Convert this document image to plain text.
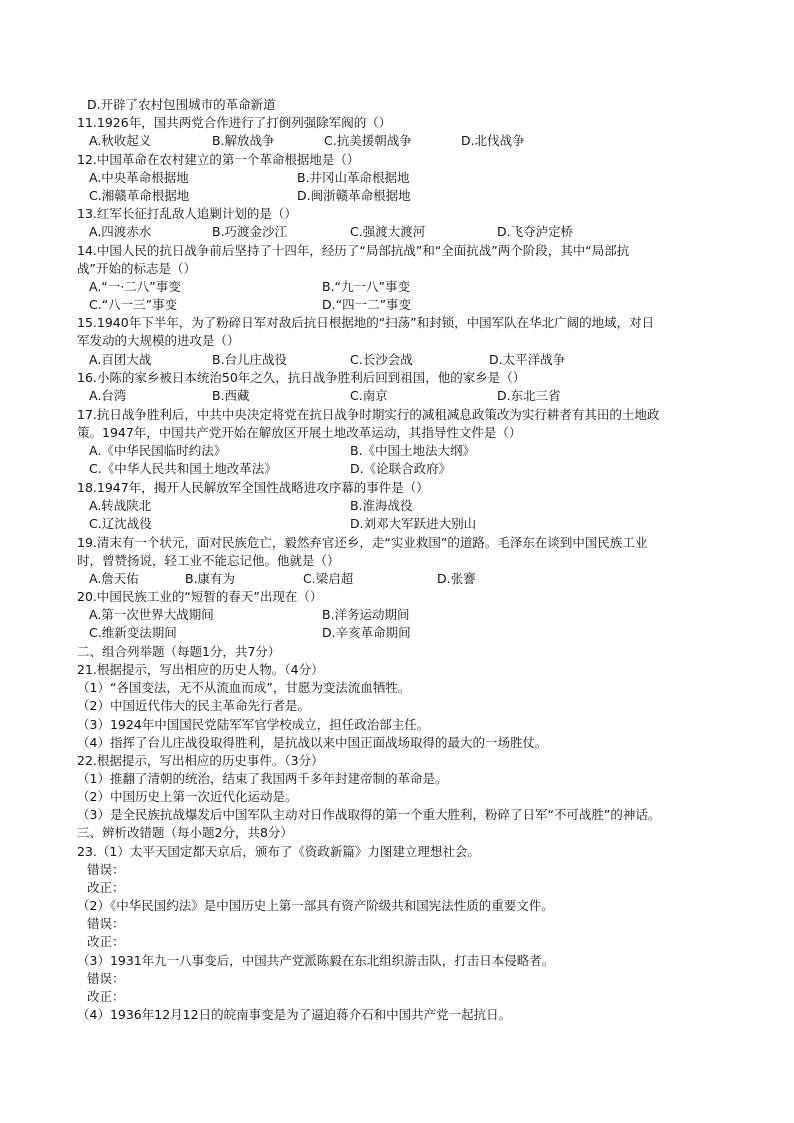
D.开辟了农村包围城市的革命新道
11.1926年，国共两党合作进行了打倒列强除军阀的（）
A.秋收起义	B.解放战争	C.抗美援朝战争	D.北伐战争
12.中国革命在农村建立的第一个革命根据地是（）
A.中央革命根据地	B.井冈山革命根据地
C.湘赣革命根据地	D.闽浙赣革命根据地
13.红军长征打乱敌人追剿计划的是（）
A.四渡赤水	B.巧渡金沙江	C.强渡大渡河	D.飞夺泸定桥
14.中国人民的抗日战争前后坚持了十四年，经历了“局部抗战”和“全面抗战”两个阶段，其中“局部抗
战”开始的标志是（）
A.“一·二八”事变	B.“九一八”事变
C.“八一三”事变	D.“四一二”事变
15.1940年下半年，为了粉碎日军对敌后抗日根据地的“扫荡”和封锁，中国军队在华北广阔的地域，对日
军发动的大规模的进攻是（）
A.百团大战	B.台儿庄战役	C.长沙会战	D.太平洋战争
16.小陈的家乡被日本统治50年之久，抗日战争胜利后回到祖国，他的家乡是（）
A.台湾	B.西藏	C.南京	D.东北三省
17.抗日战争胜利后，中共中央决定将党在抗日战争时期实行的减租减息政策改为实行耕者有其田的土地政
策。1947年，中国共产党开始在解放区开展土地改革运动，其指导性文件是（）
A.《中华民国临时约法》	B.《中国土地法大纲》
C.《中华人民共和国土地改革法》	D.《论联合政府》
18.1947年，揭开人民解放军全国性战略进攻序幕的事件是（）
A.转战陕北	B.淮海战役
C.辽沈战役	D.刘邓大军跃进大别山
19.清末有一个状元，面对民族危亡，毅然弃官还乡，走“实业救国”的道路。毛泽东在谈到中国民族工业
时，曾赞扬说，轻工业不能忘记他。他就是（）
A.詹天佑	B.康有为	C.梁启超	D.张謇
20.中国民族工业的“短暂的春天”出现在（）
A.第一次世界大战期间	B.洋务运动期间
C.维新变法期间	D.辛亥革命期间
二、组合列举题（每题1分，共7分）
21.根据提示，写出相应的历史人物。（4分）
（1）“各国变法，无不从流血而成”，甘愿为变法流血牺牲。
（2）中国近代伟大的民主革命先行者是。
（3）1924年中国国民党陆军军官学校成立，担任政治部主任。
（4）指挥了台儿庄战役取得胜利，是抗战以来中国正面战场取得的最大的一场胜仗。
22.根据提示，写出相应的历史事件。（3分）
（1）推翻了清朝的统治，结束了我国两千多年封建帝制的革命是。
（2）中国历史上第一次近代化运动是。
（3）是全民族抗战爆发后中国军队主动对日作战取得的第一个重大胜利，粉碎了日军“不可战胜”的神话。
三、辨析改错题（每小题2分，共8分）
23.（1）太平天国定都天京后，颁布了《资政新篇》力图建立理想社会。
错误：
改正：
（2）《中华民国约法》是中国历史上第一部具有资产阶级共和国宪法性质的重要文件。
错误：
改正：
（3）1931年九一八事变后，中国共产党派陈毅在东北组织游击队，打击日本侵略者。
错误：
改正：
（4）1936年12月12日的皖南事变是为了逼迫蒋介石和中国共产党一起抗日。
